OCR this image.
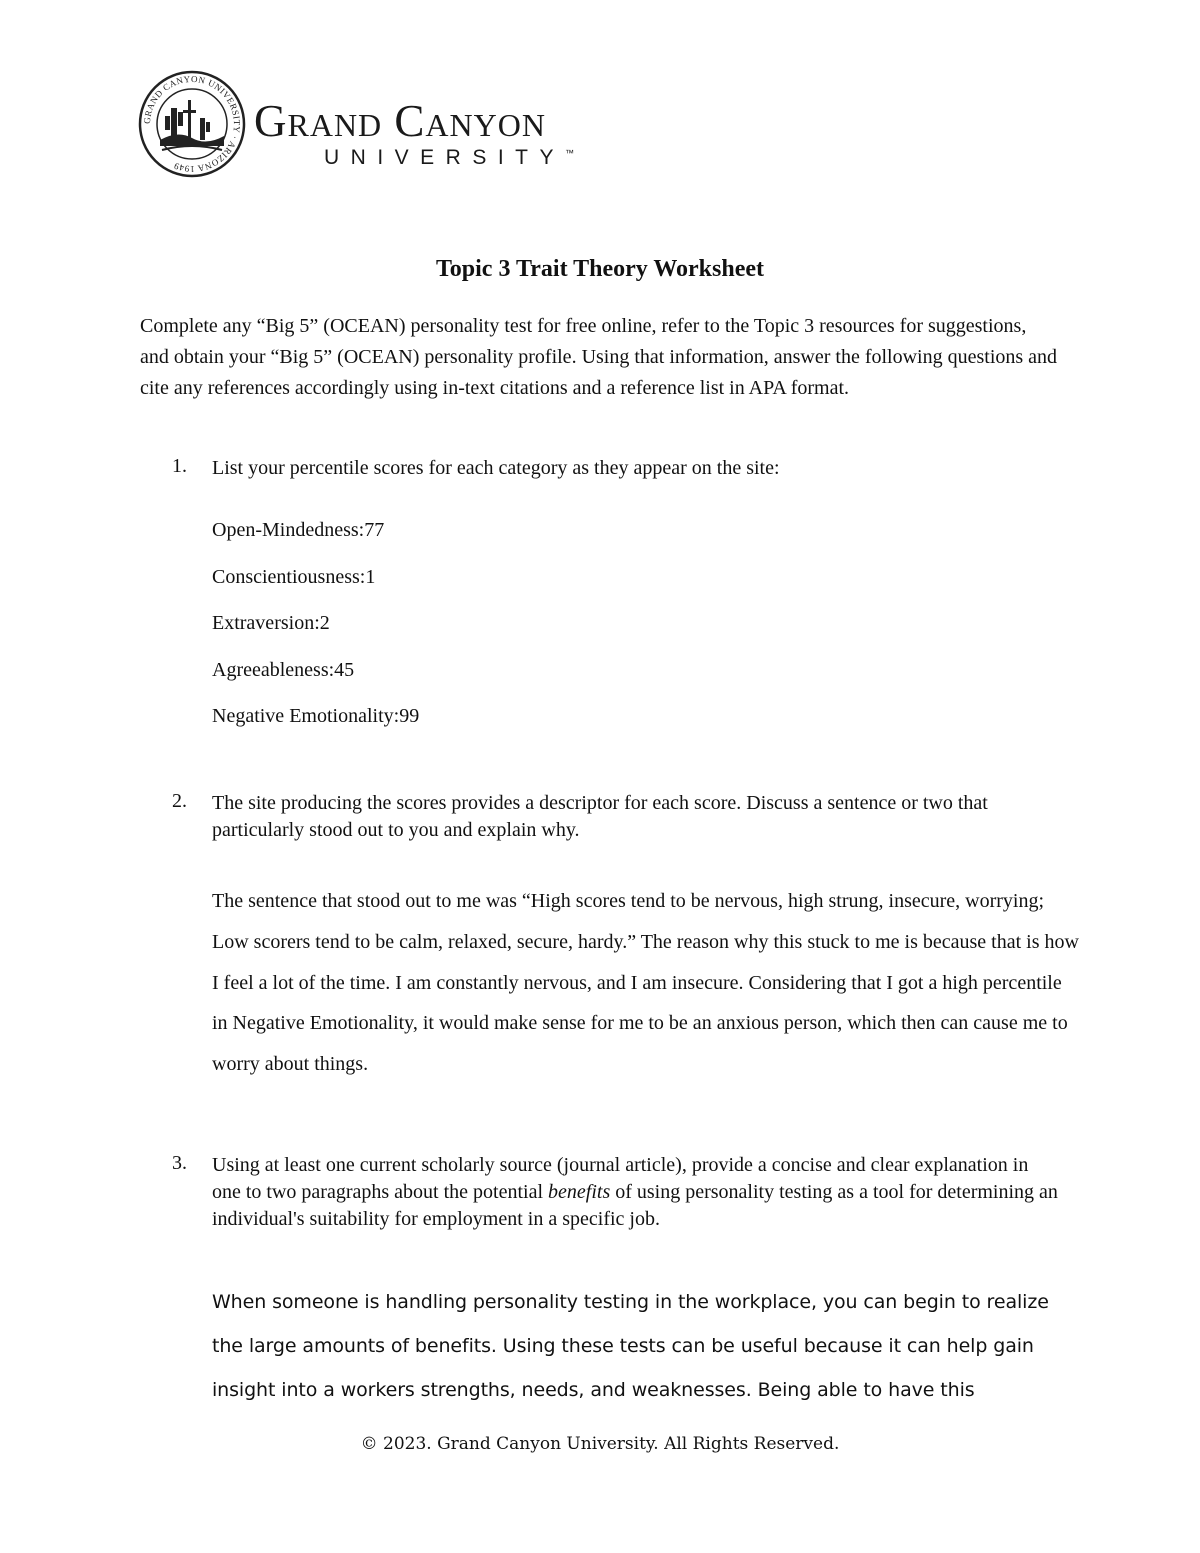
GRAND CANYON UNIVERSITY · ARIZONA 1949
Grand Canyon
UNIVERSITY™
Topic 3 Trait Theory Worksheet

Complete any “Big 5” (OCEAN) personality test for free online, refer to the Topic 3 resources for suggestions, and obtain your “Big 5” (OCEAN) personality profile. Using that information, answer the following questions and cite any references accordingly using in-text citations and a reference list in APA format.

1. List your percentile scores for each category as they appear on the site:
Open-Mindedness:77
Conscientiousness:1
Extraversion:2
Agreeableness:45
Negative Emotionality:99
2. The site producing the scores provides a descriptor for each score. Discuss a sentence or two that particularly stood out to you and explain why.

The sentence that stood out to me was “High scores tend to be nervous, high strung, insecure, worrying; Low scorers tend to be calm, relaxed, secure, hardy.” The reason why this stuck to me is because that is how I feel a lot of the time. I am constantly nervous, and I am insecure. Considering that I got a high percentile in Negative Emotionality, it would make sense for me to be an anxious person, which then can cause me to worry about things.

3. Using at least one current scholarly source (journal article), provide a concise and clear explanation in one to two paragraphs about the potential benefits of using personality testing as a tool for determining an individual's suitability for employment in a specific job.

When someone is handling personality testing in the workplace, you can begin to realize the large amounts of benefits. Using these tests can be useful because it can help gain insight into a workers strengths, needs, and weaknesses. Being able to have this

© 2023. Grand Canyon University. All Rights Reserved.
